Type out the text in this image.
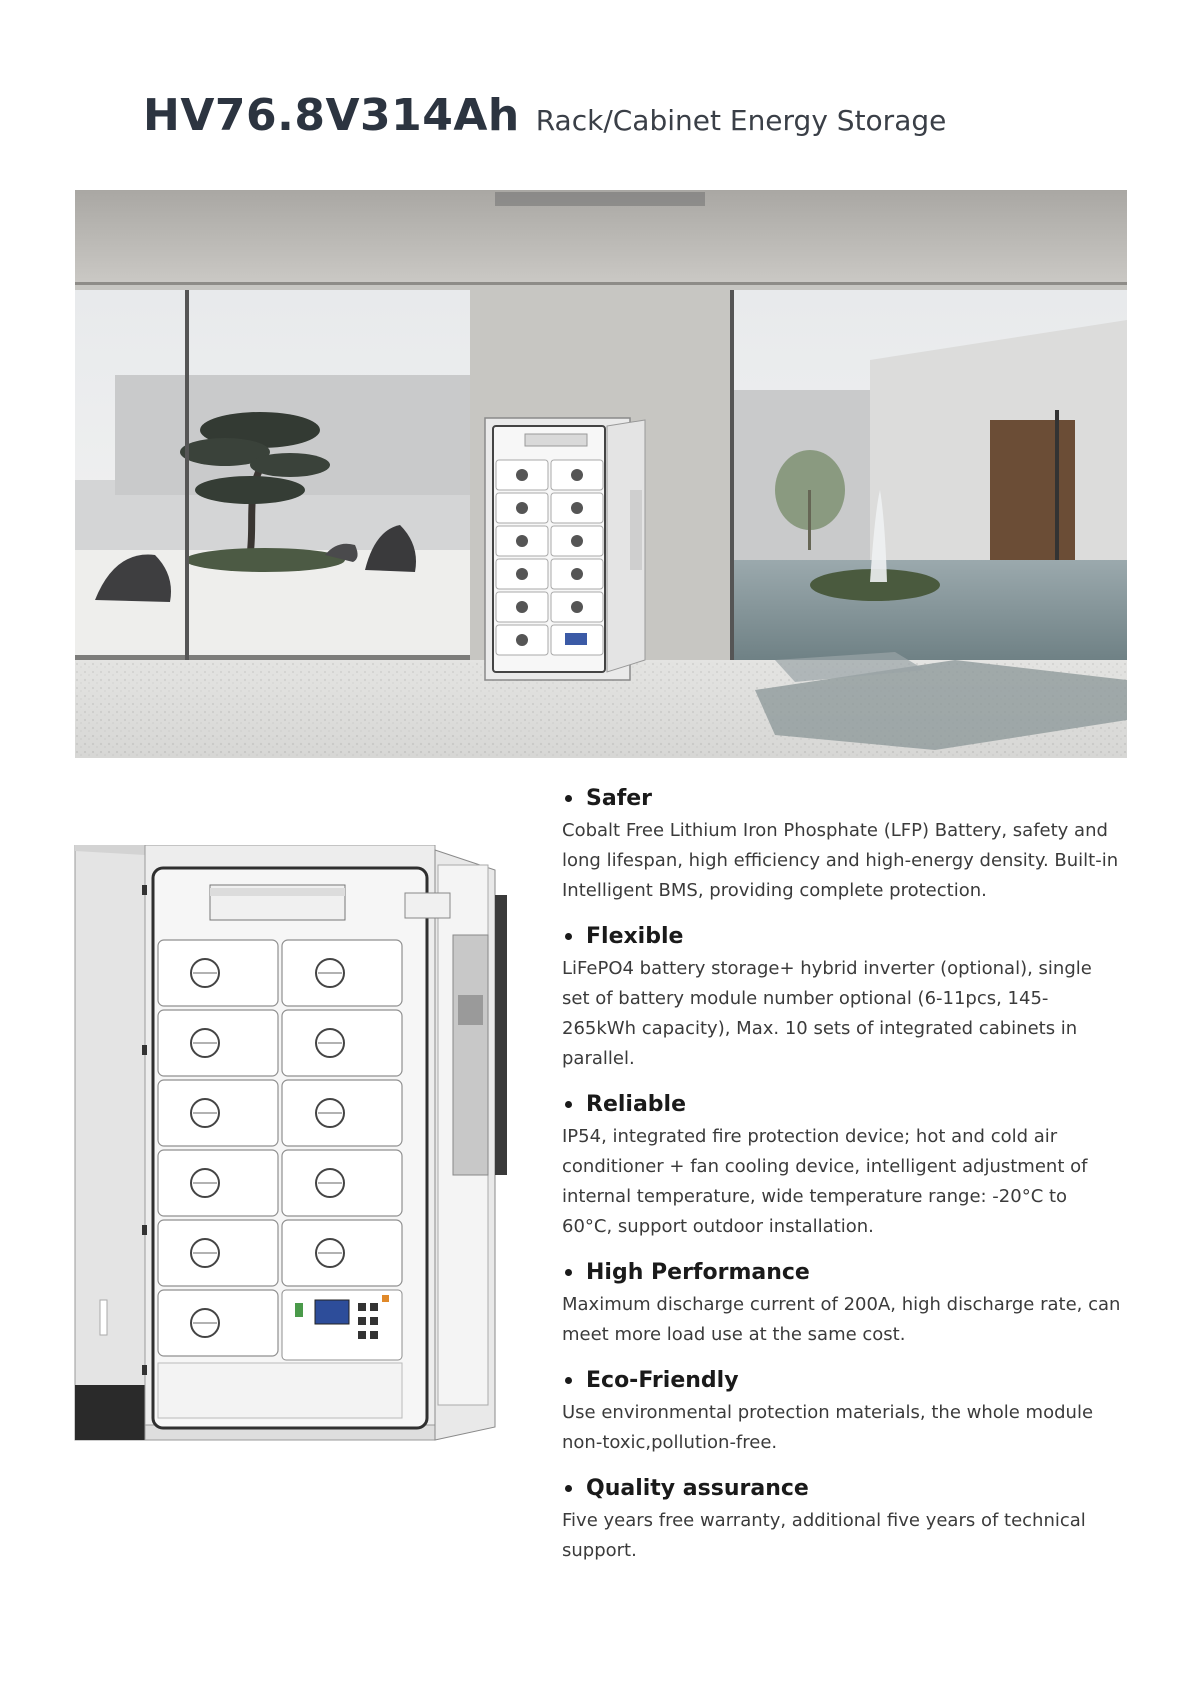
HV76.8V314Ah Rack/Cabinet Energy Storage
Safer
Cobalt Free Lithium Iron Phosphate (LFP) Battery, safety and long lifespan, high efficiency and high-energy density. Built-in Intelligent BMS, providing complete protection.
Flexible
LiFePO4 battery storage+ hybrid inverter (optional), single set of battery module number optional (6-11pcs, 145-265kWh capacity), Max. 10 sets of integrated cabinets in parallel.
Reliable
IP54, integrated fire protection device; hot and cold air conditioner + fan cooling device, intelligent adjustment of internal temperature, wide temperature range: -20°C to 60°C, support outdoor installation.
High Performance
Maximum discharge current of 200A, high discharge rate, can meet more load use at the same cost.
Eco-Friendly
Use environmental protection materials, the whole module non-toxic,pollution-free.
Quality assurance
Five years free warranty, additional five years of technical support.
